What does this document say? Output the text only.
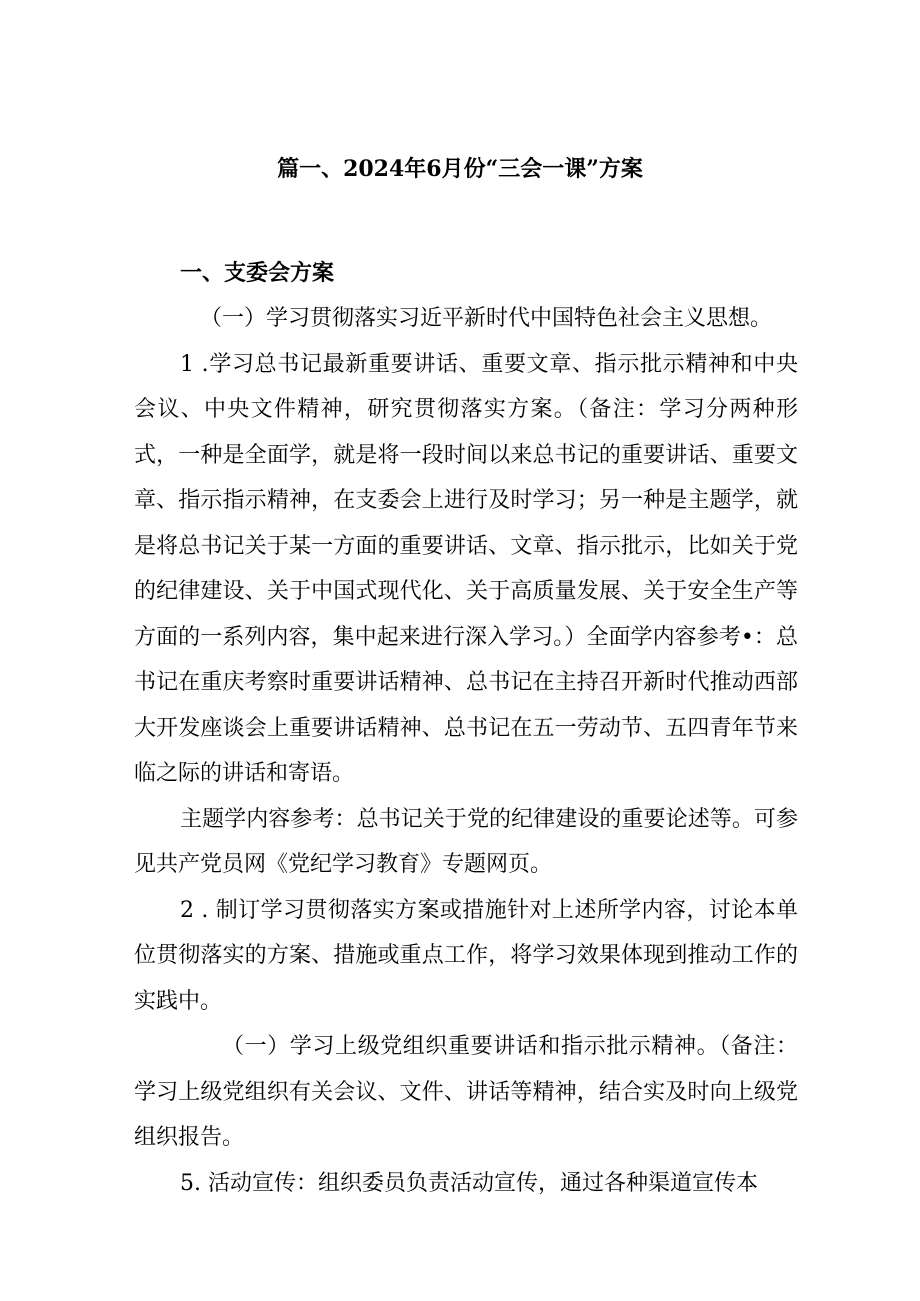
篇一、2024年6月份“三会一课”方案
一、支委会方案

（一）学习贯彻落实习近平新时代中国特色社会主义思想。

1 .学习总书记最新重要讲话、重要文章、指示批示精神和中央会议、中央文件精神，研究贯彻落实方案。（备注：学习分两种形式，一种是全面学，就是将一段时间以来总书记的重要讲话、重要文章、指示指示精神，在支委会上进行及时学习；另一种是主题学，就是将总书记关于某一方面的重要讲话、文章、指示批示，比如关于党的纪律建设、关于中国式现代化、关于高质量发展、关于安全生产等方面的一系列内容，集中起来进行深入学习。）全面学内容参考•：总书记在重庆考察时重要讲话精神、总书记在主持召开新时代推动西部大开发座谈会上重要讲话精神、总书记在五一劳动节、五四青年节来临之际的讲话和寄语。

主题学内容参考：总书记关于党的纪律建设的重要论述等。可参见共产党员网《党纪学习教育》专题网页。

2 . 制订学习贯彻落实方案或措施针对上述所学内容，讨论本单位贯彻落实的方案、措施或重点工作，将学习效果体现到推动工作的实践中。

（一）学习上级党组织重要讲话和指示批示精神。（备注：学习上级党组织有关会议、文件、讲话等精神，结合实及时向上级党组织报告。

5. 活动宣传：组织委员负责活动宣传，通过各种渠道宣传本
